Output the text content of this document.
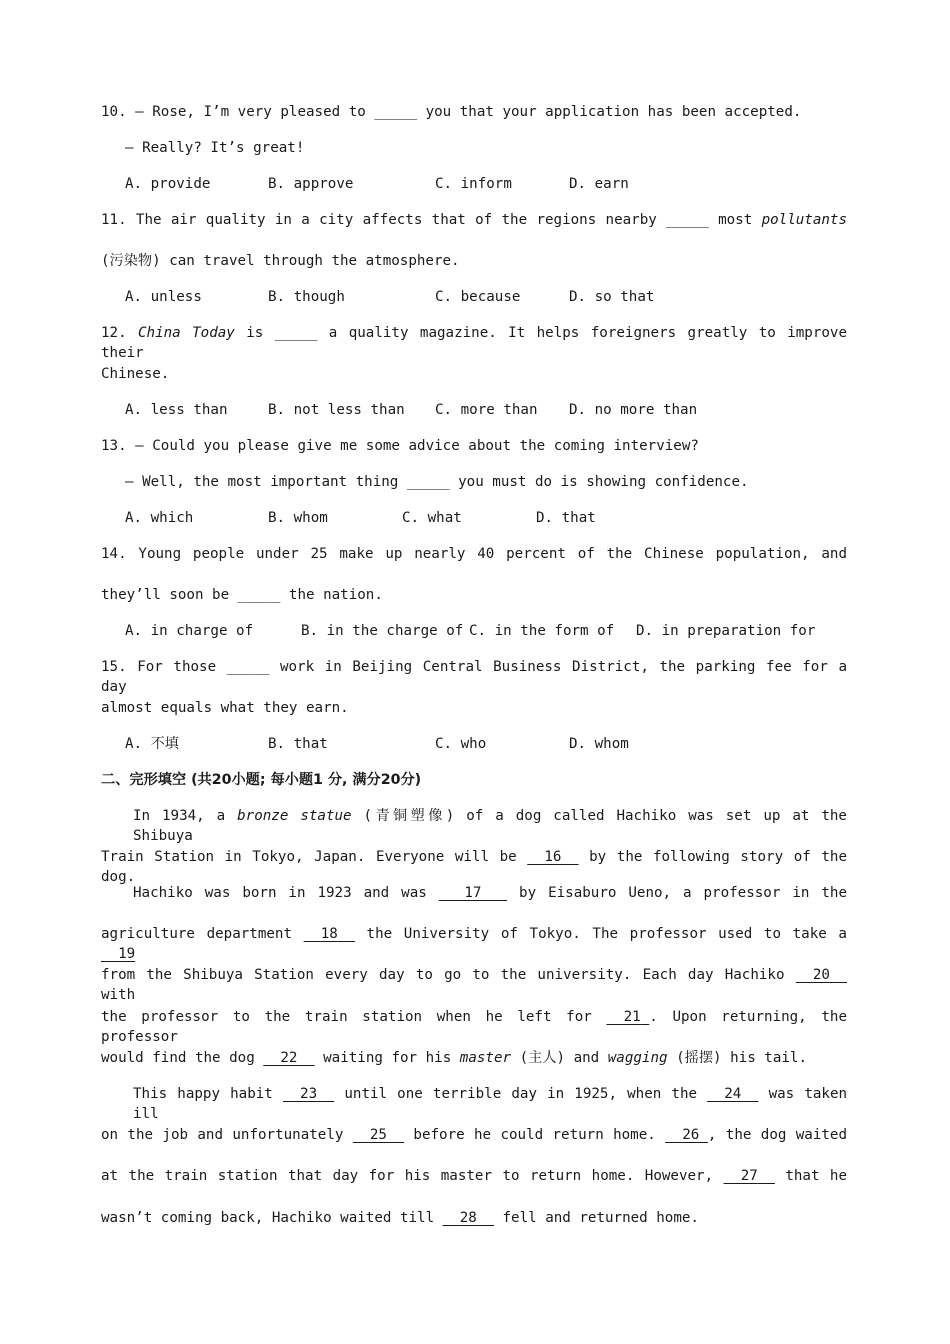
10. — Rose, I’m very pleased to _____ you that your application has been accepted.
— Really? It’s great!
A. provide	B. approve	C. inform	D. earn
11. The air quality in a city affects that of the regions nearby _____ most pollutants
(污染物) can travel through the atmosphere.
A. unless	B. though	C. because	D. so that
12. China Today is _____ a quality magazine. It helps foreigners greatly to improve their
Chinese.
A. less than	B. not less than C. more than D. no more than
13. — Could you please give me some advice about the coming interview?
— Well, the most important thing _____ you must do is showing confidence.
A. which	B. whom	C. what	D. that
14. Young people under 25 make up nearly 40 percent of the Chinese population, and
they’ll soon be _____ the nation.
A. in charge of	B. in the charge of C. in the form of D. in preparation for
15. For those _____ work in Beijing Central Business District, the parking fee for a day
almost equals what they earn.
A. 不填	B. that	C. who	D. whom
二、完形填空 (共20小题; 每小题1 分, 满分20分)
In 1934, a bronze statue (青铜塑像) of a dog called Hachiko was set up at the Shibuya
Train Station in Tokyo, Japan. Everyone will be 16 by the following story of the dog.
Hachiko was born in 1923 and was	17	by Eisaburo Ueno, a professor in the
agriculture department 18 the University of Tokyo. The professor used to take a   19
from the Shibuya Station every day to go to the university. Each day Hachiko 20   with
the professor to the train station when he left for 21 . Upon returning, the professor
would find the dog 22 waiting for his master (主人) and wagging (摇摆) his tail.
This happy habit 23 until one terrible day in 1925, when the 24 was taken ill
on the job and unfortunately 25 before he could return home. 26 , the dog waited
at the train station that day for his master to return home. However, 27 that he
wasn’t coming back, Hachiko waited till 28 fell and returned home.
